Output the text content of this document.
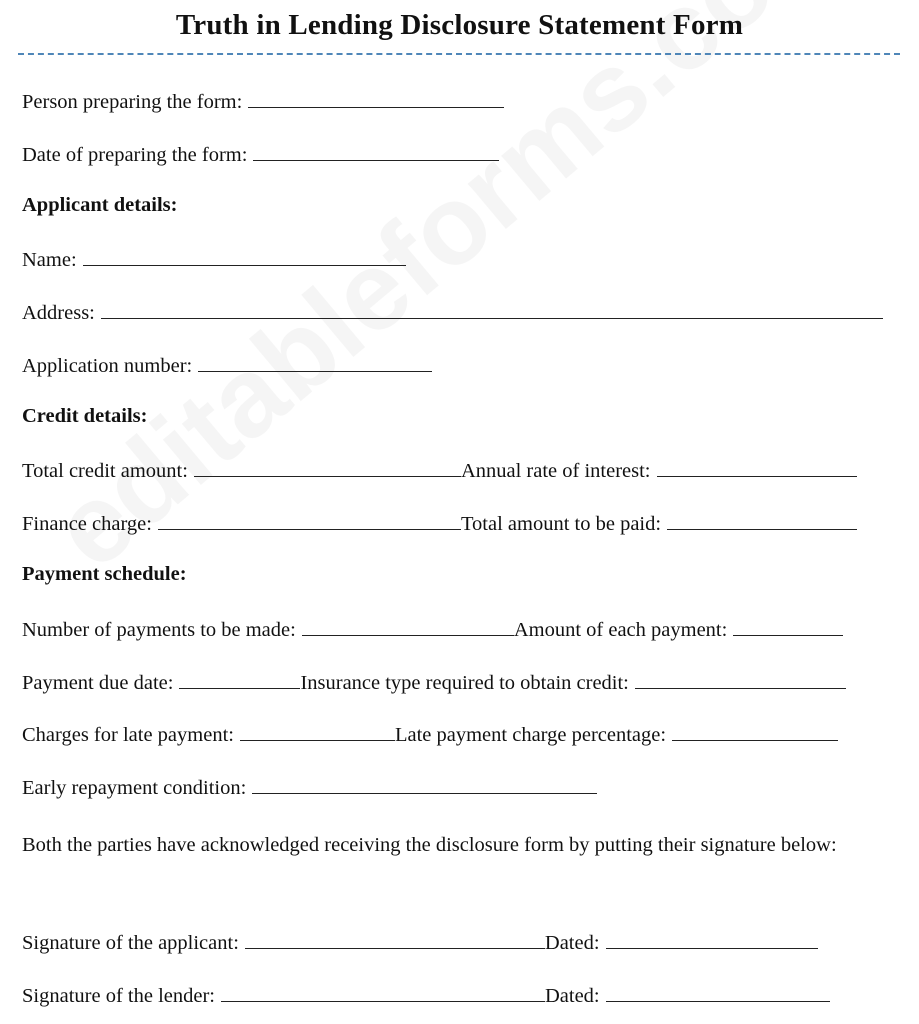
Truth in Lending Disclosure Statement Form
Person preparing the form:
Date of preparing the form:
Applicant details:
Name:
Address:
Application number:
Credit details:
Total credit amount:	Annual rate of interest:
Finance charge:	Total amount to be paid:
Payment schedule:
Number of payments to be made:	Amount of each payment:
Payment due date:	Insurance type required to obtain credit:
Charges for late payment:	Late payment charge percentage:
Early repayment condition:
Both the parties have acknowledged receiving the disclosure form by putting their signature below:
Signature of the applicant:	Dated:
Signature of the lender:	Dated:
